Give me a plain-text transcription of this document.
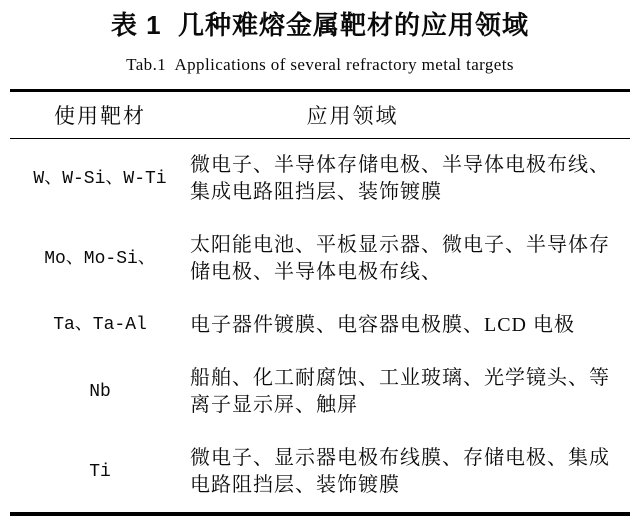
表 1  几种难熔金属靶材的应用领域
Tab.1  Applications of several refractory metal targets
使用靶材	应用领域
W、W-Si、W-Ti
微电子、半导体存储电极、半导体电极布线、集成电路阻挡层、装饰镀膜
Mo、Mo-Si、
太阳能电池、平板显示器、微电子、半导体存储电极、半导体电极布线、
Ta、Ta-Al	电子器件镀膜、电容器电极膜、LCD 电极
Nb
船舶、化工耐腐蚀、工业玻璃、光学镜头、等离子显示屏、触屏
Ti
微电子、显示器电极布线膜、存储电极、集成电路阻挡层、装饰镀膜
